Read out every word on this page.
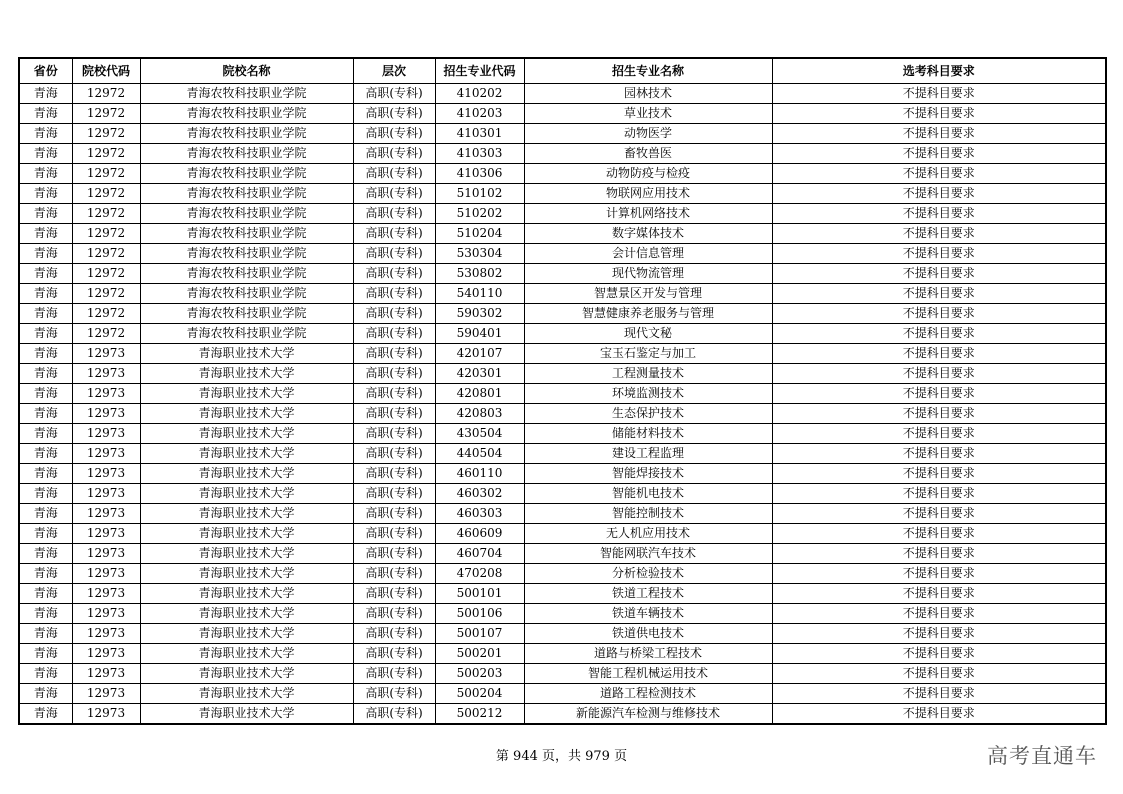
省份	院校代码	院校名称	层次	招生专业代码	招生专业名称	选考科目要求
青海	12972	青海农牧科技职业学院	高职(专科)	410202	园林技术	不提科目要求
青海	12972	青海农牧科技职业学院	高职(专科)	410203	草业技术	不提科目要求
青海	12972	青海农牧科技职业学院	高职(专科)	410301	动物医学	不提科目要求
青海	12972	青海农牧科技职业学院	高职(专科)	410303	畜牧兽医	不提科目要求
青海	12972	青海农牧科技职业学院	高职(专科)	410306	动物防疫与检疫	不提科目要求
青海	12972	青海农牧科技职业学院	高职(专科)	510102	物联网应用技术	不提科目要求
青海	12972	青海农牧科技职业学院	高职(专科)	510202	计算机网络技术	不提科目要求
青海	12972	青海农牧科技职业学院	高职(专科)	510204	数字媒体技术	不提科目要求
青海	12972	青海农牧科技职业学院	高职(专科)	530304	会计信息管理	不提科目要求
青海	12972	青海农牧科技职业学院	高职(专科)	530802	现代物流管理	不提科目要求
青海	12972	青海农牧科技职业学院	高职(专科)	540110	智慧景区开发与管理	不提科目要求
青海	12972	青海农牧科技职业学院	高职(专科)	590302	智慧健康养老服务与管理	不提科目要求
青海	12972	青海农牧科技职业学院	高职(专科)	590401	现代文秘	不提科目要求
青海	12973	青海职业技术大学	高职(专科)	420107	宝玉石鉴定与加工	不提科目要求
青海	12973	青海职业技术大学	高职(专科)	420301	工程测量技术	不提科目要求
青海	12973	青海职业技术大学	高职(专科)	420801	环境监测技术	不提科目要求
青海	12973	青海职业技术大学	高职(专科)	420803	生态保护技术	不提科目要求
青海	12973	青海职业技术大学	高职(专科)	430504	储能材料技术	不提科目要求
青海	12973	青海职业技术大学	高职(专科)	440504	建设工程监理	不提科目要求
青海	12973	青海职业技术大学	高职(专科)	460110	智能焊接技术	不提科目要求
青海	12973	青海职业技术大学	高职(专科)	460302	智能机电技术	不提科目要求
青海	12973	青海职业技术大学	高职(专科)	460303	智能控制技术	不提科目要求
青海	12973	青海职业技术大学	高职(专科)	460609	无人机应用技术	不提科目要求
青海	12973	青海职业技术大学	高职(专科)	460704	智能网联汽车技术	不提科目要求
青海	12973	青海职业技术大学	高职(专科)	470208	分析检验技术	不提科目要求
青海	12973	青海职业技术大学	高职(专科)	500101	铁道工程技术	不提科目要求
青海	12973	青海职业技术大学	高职(专科)	500106	铁道车辆技术	不提科目要求
青海	12973	青海职业技术大学	高职(专科)	500107	铁道供电技术	不提科目要求
青海	12973	青海职业技术大学	高职(专科)	500201	道路与桥梁工程技术	不提科目要求
青海	12973	青海职业技术大学	高职(专科)	500203	智能工程机械运用技术	不提科目要求
青海	12973	青海职业技术大学	高职(专科)	500204	道路工程检测技术	不提科目要求
青海	12973	青海职业技术大学	高职(专科)	500212	新能源汽车检测与维修技术	不提科目要求
第 944 页，共 979 页	高考直通车
